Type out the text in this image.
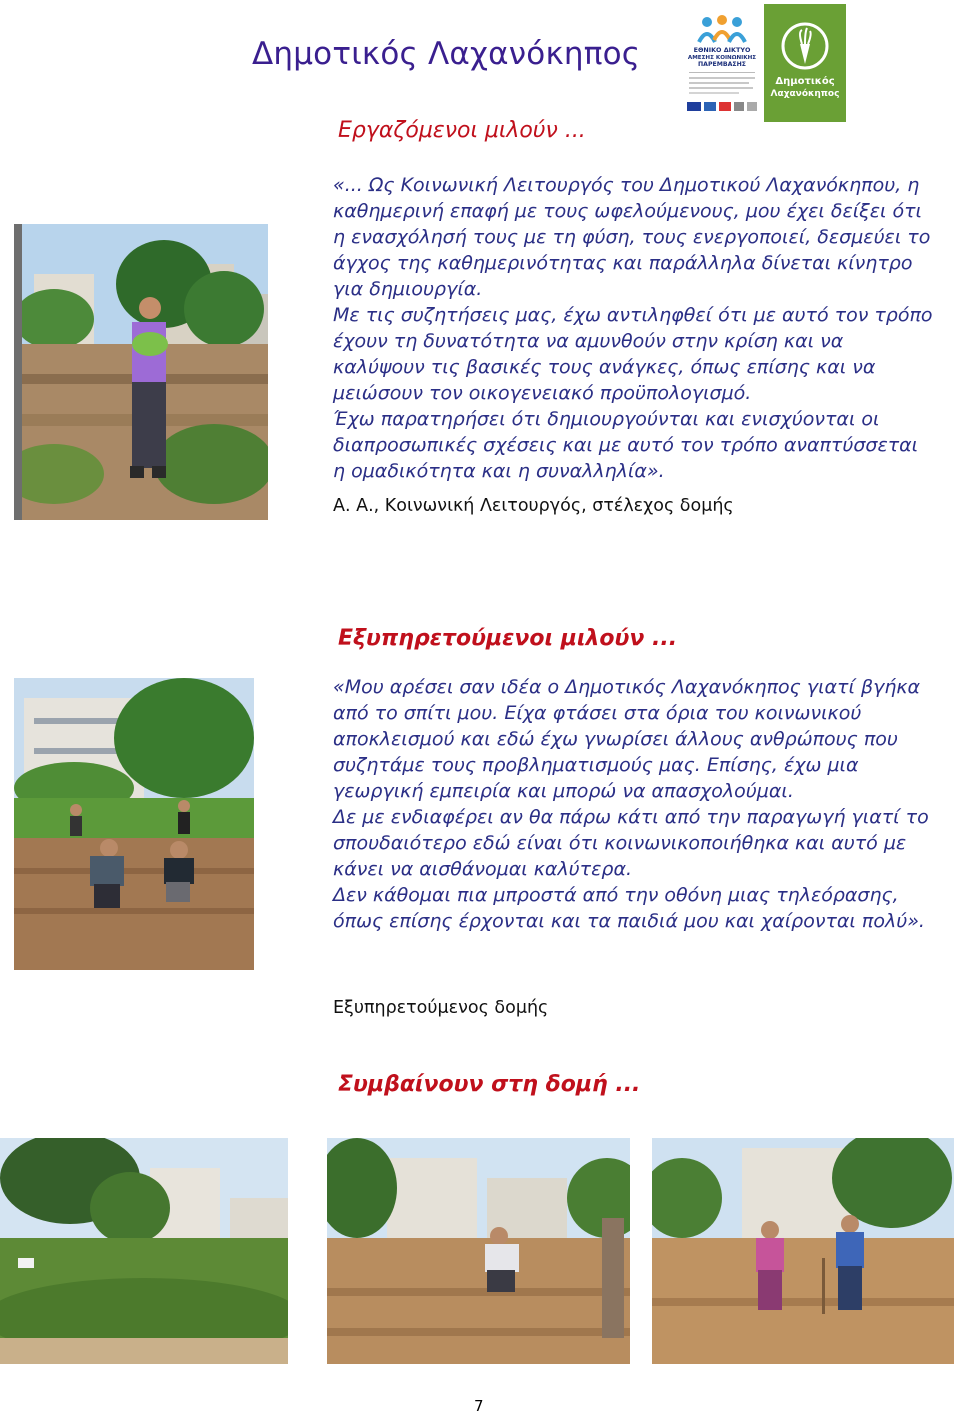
Δημοτικός Λαχανόκηπος	ΕΘΝΙΚΟ ΔΙΚΤΥΟ
ΑΜΕΣΗΣ ΚΟΙΝΩΝΙΚΗΣ
ΠΑΡΕΜΒΑΣΗΣ
Δημοτικός
Λαχανόκηπος
Εργαζόμενοι μιλούν ...

«... Ως Κοινωνική Λειτουργός του Δημοτικού Λαχανόκηπου, η καθημερινή επαφή με τους ωφελούμενους, μου έχει δείξει ότι η ενασχόλησή τους με τη φύση, τους ενεργοποιεί, δεσμεύει το άγχος της καθημερινότητας και παράλληλα δίνεται κίνητρο για δημιουργία.

Με τις συζητήσεις μας, έχω αντιληφθεί ότι με αυτό τον τρόπο έχουν τη δυνατότητα να αμυνθούν στην κρίση και να καλύψουν τις βασικές τους ανάγκες, όπως επίσης και να μειώσουν τον οικογενειακό προϋπολογισμό.

Έχω παρατηρήσει ότι δημιουργούνται και ενισχύονται οι διαπροσωπικές σχέσεις και με αυτό τον τρόπο αναπτύσσεται η ομαδικότητα και η συναλληλία».

Α. Α., Κοινωνική Λειτουργός, στέλεχος δομής
Εξυπηρετούμενοι μιλούν ...

«Μου αρέσει σαν ιδέα ο Δημοτικός Λαχανόκηπος γιατί βγήκα από το σπίτι μου. Είχα φτάσει στα όρια του κοινωνικού αποκλεισμού και εδώ έχω γνωρίσει άλλους ανθρώπους που συζητάμε τους προβληματισμούς μας. Επίσης, έχω μια γεωργική εμπειρία και μπορώ να απασχολούμαι.

Δε με ενδιαφέρει αν θα πάρω κάτι από την παραγωγή γιατί το σπουδαιότερο εδώ είναι ότι κοινωνικοποιήθηκα και αυτό με κάνει να αισθάνομαι καλύτερα.

Δεν κάθομαι πια μπροστά από την οθόνη μιας τηλεόρασης, όπως επίσης έρχονται και τα παιδιά μου και χαίρονται πολύ».

Εξυπηρετούμενος δομής
Συμβαίνουν στη δομή ...
7
